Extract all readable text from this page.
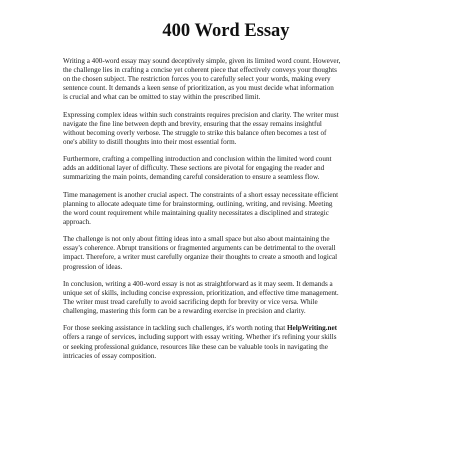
400 Word Essay

Writing a 400-word essay may sound deceptively simple, given its limited word count. However,
the challenge lies in crafting a concise yet coherent piece that effectively conveys your thoughts
on the chosen subject. The restriction forces you to carefully select your words, making every
sentence count. It demands a keen sense of prioritization, as you must decide what information
is crucial and what can be omitted to stay within the prescribed limit.

Expressing complex ideas within such constraints requires precision and clarity. The writer must
navigate the fine line between depth and brevity, ensuring that the essay remains insightful
without becoming overly verbose. The struggle to strike this balance often becomes a test of
one's ability to distill thoughts into their most essential form.

Furthermore, crafting a compelling introduction and conclusion within the limited word count
adds an additional layer of difficulty. These sections are pivotal for engaging the reader and
summarizing the main points, demanding careful consideration to ensure a seamless flow.

Time management is another crucial aspect. The constraints of a short essay necessitate efficient
planning to allocate adequate time for brainstorming, outlining, writing, and revising. Meeting
the word count requirement while maintaining quality necessitates a disciplined and strategic
approach.

The challenge is not only about fitting ideas into a small space but also about maintaining the
essay's coherence. Abrupt transitions or fragmented arguments can be detrimental to the overall
impact. Therefore, a writer must carefully organize their thoughts to create a smooth and logical
progression of ideas.

In conclusion, writing a 400-word essay is not as straightforward as it may seem. It demands a
unique set of skills, including concise expression, prioritization, and effective time management.
The writer must tread carefully to avoid sacrificing depth for brevity or vice versa. While
challenging, mastering this form can be a rewarding exercise in precision and clarity.

For those seeking assistance in tackling such challenges, it's worth noting that HelpWriting.net
offers a range of services, including support with essay writing. Whether it's refining your skills
or seeking professional guidance, resources like these can be valuable tools in navigating the
intricacies of essay composition.
